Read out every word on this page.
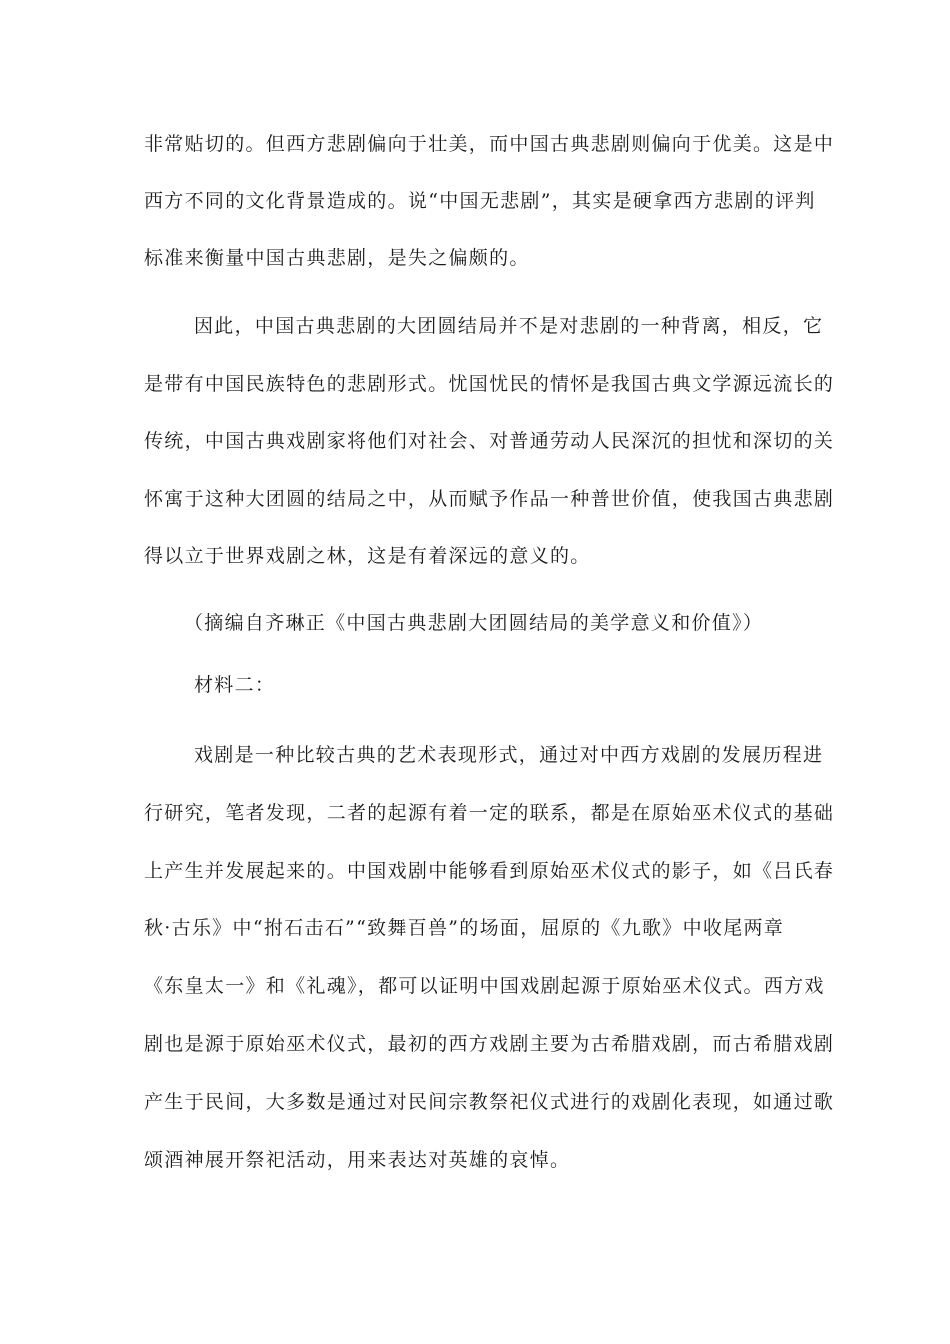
非常贴切的。但西方悲剧偏向于壮美，而中国古典悲剧则偏向于优美。这是中
西方不同的文化背景造成的。说“中国无悲剧”，其实是硬拿西方悲剧的评判
标准来衡量中国古典悲剧，是失之偏颇的。
因此，中国古典悲剧的大团圆结局并不是对悲剧的一种背离，相反，它
是带有中国民族特色的悲剧形式。忧国忧民的情怀是我国古典文学源远流长的
传统，中国古典戏剧家将他们对社会、对普通劳动人民深沉的担忧和深切的关
怀寓于这种大团圆的结局之中，从而赋予作品一种普世价值，使我国古典悲剧
得以立于世界戏剧之林，这是有着深远的意义的。
（摘编自齐琳正《中国古典悲剧大团圆结局的美学意义和价值》）
材料二：
戏剧是一种比较古典的艺术表现形式，通过对中西方戏剧的发展历程进
行研究，笔者发现，二者的起源有着一定的联系，都是在原始巫术仪式的基础
上产生并发展起来的。中国戏剧中能够看到原始巫术仪式的影子，如《吕氏春
秋·古乐》中“拊石击石”“致舞百兽”的场面，屈原的《九歌》中收尾两章
《东皇太一》和《礼魂》，都可以证明中国戏剧起源于原始巫术仪式。西方戏
剧也是源于原始巫术仪式，最初的西方戏剧主要为古希腊戏剧，而古希腊戏剧
产生于民间，大多数是通过对民间宗教祭祀仪式进行的戏剧化表现，如通过歌
颂酒神展开祭祀活动，用来表达对英雄的哀悼。
